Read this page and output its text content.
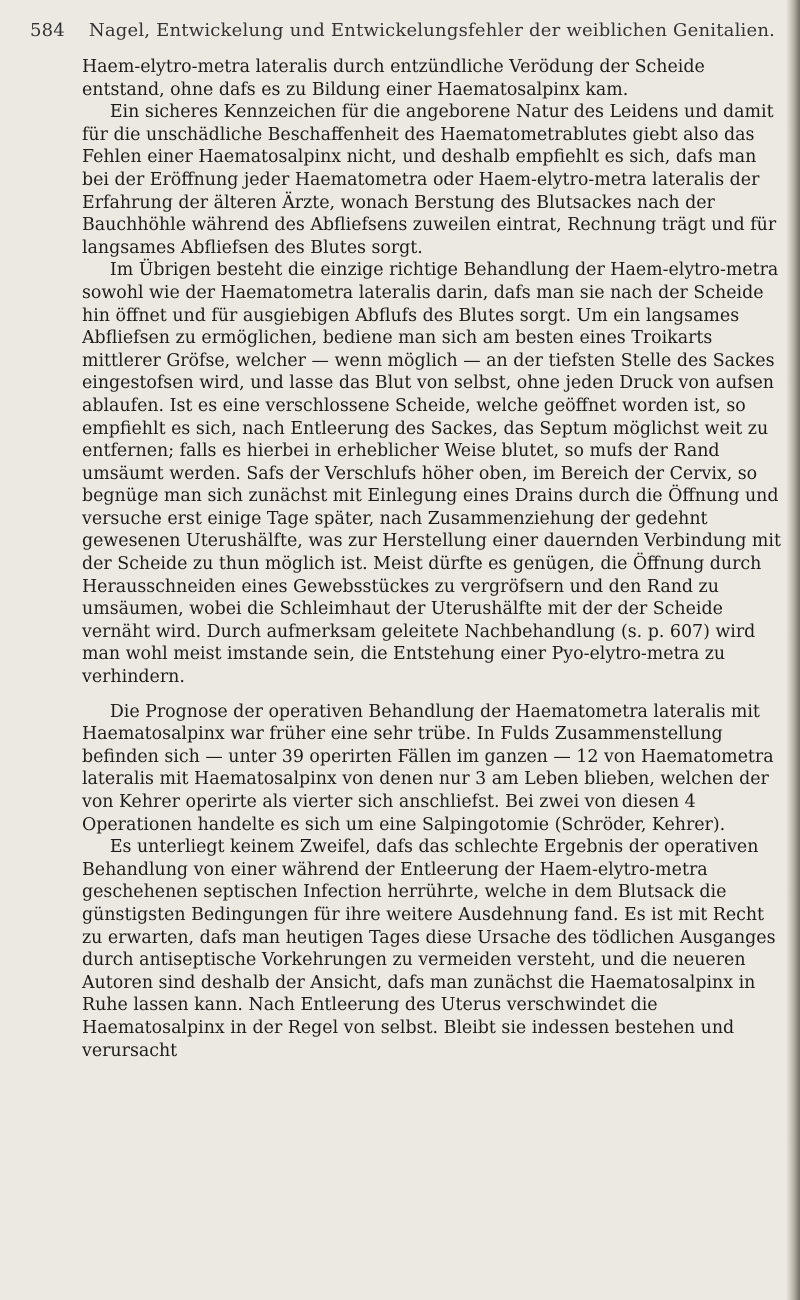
584 Nagel, Entwickelung und Entwickelungsfehler der weiblichen Genitalien.

Haem-elytro-metra lateralis durch entzündliche Verödung der Scheide entstand, ohne dafs es zu Bildung einer Haematosalpinx kam.

Ein sicheres Kennzeichen für die angeborene Natur des Leidens und damit für die unschädliche Beschaffenheit des Haematometrablutes giebt also das Fehlen einer Haematosalpinx nicht, und deshalb empfiehlt es sich, dafs man bei der Eröffnung jeder Haematometra oder Haem-elytro-metra lateralis der Erfahrung der älteren Ärzte, wonach Berstung des Blutsackes nach der Bauchhöhle während des Abfliefsens zuweilen eintrat, Rechnung trägt und für langsames Abfliefsen des Blutes sorgt.

Im Übrigen besteht die einzige richtige Behandlung der Haem-elytro-metra sowohl wie der Haematometra lateralis darin, dafs man sie nach der Scheide hin öffnet und für ausgiebigen Abflufs des Blutes sorgt. Um ein langsames Abfliefsen zu ermöglichen, bediene man sich am besten eines Troikarts mittlerer Gröfse, welcher — wenn möglich — an der tiefsten Stelle des Sackes eingestofsen wird, und lasse das Blut von selbst, ohne jeden Druck von aufsen ablaufen. Ist es eine verschlossene Scheide, welche geöffnet worden ist, so empfiehlt es sich, nach Entleerung des Sackes, das Septum möglichst weit zu entfernen; falls es hierbei in erheblicher Weise blutet, so mufs der Rand umsäumt werden. Safs der Verschlufs höher oben, im Bereich der Cervix, so begnüge man sich zunächst mit Einlegung eines Drains durch die Öffnung und versuche erst einige Tage später, nach Zusammenziehung der gedehnt gewesenen Uterushälfte, was zur Herstellung einer dauernden Verbindung mit der Scheide zu thun möglich ist. Meist dürfte es genügen, die Öffnung durch Herausschneiden eines Gewebsstückes zu vergröfsern und den Rand zu umsäumen, wobei die Schleimhaut der Uterushälfte mit der der Scheide vernäht wird. Durch aufmerksam geleitete Nachbehandlung (s. p. 607) wird man wohl meist imstande sein, die Entstehung einer Pyo-elytro-metra zu verhindern.

Die Prognose der operativen Behandlung der Haematometra lateralis mit Haematosalpinx war früher eine sehr trübe. In Fulds Zusammenstellung befinden sich — unter 39 operirten Fällen im ganzen — 12 von Haematometra lateralis mit Haematosalpinx von denen nur 3 am Leben blieben, welchen der von Kehrer operirte als vierter sich anschliefst. Bei zwei von diesen 4 Operationen handelte es sich um eine Salpingotomie (Schröder, Kehrer).

Es unterliegt keinem Zweifel, dafs das schlechte Ergebnis der operativen Behandlung von einer während der Entleerung der Haem-elytro-metra geschehenen septischen Infection herrührte, welche in dem Blutsack die günstigsten Bedingungen für ihre weitere Ausdehnung fand. Es ist mit Recht zu erwarten, dafs man heutigen Tages diese Ursache des tödlichen Ausganges durch antiseptische Vorkehrungen zu vermeiden versteht, und die neueren Autoren sind deshalb der Ansicht, dafs man zunächst die Haematosalpinx in Ruhe lassen kann. Nach Entleerung des Uterus verschwindet die Haematosalpinx in der Regel von selbst. Bleibt sie indessen bestehen und verursacht
